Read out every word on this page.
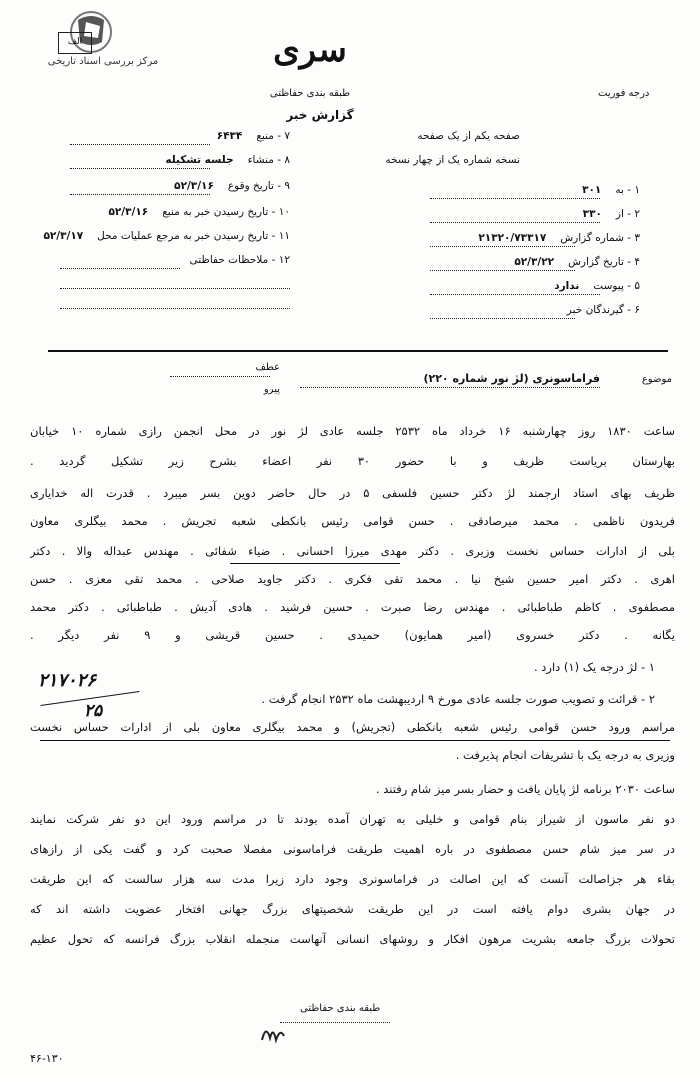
مرکز بررسی اسناد تاریخی
الف	سری
طبقه بندی حفاظتی
گزارش خبر
درجه فوریت
صفحه یکم از یک صفحه
نسخه شماره یک از چهار نسخه
۱ - به۳۰۱
۲ - از۳۳۰
۳ - شماره گزارش۲۱۳۲۰/۷۳۳۱۷
۴ - تاریخ گزارش۵۲/۳/۲۲
۵ - پیوستندارد
۶ - گیرندگان خبر
۷ - منبع۶۴۳۴
۸ - منشاءجلسه تشکیله
۹ - تاریخ وقوع۵۲/۳/۱۶
۱۰ - تاریخ رسیدن خبر به منبع۵۲/۳/۱۶
۱۱ - تاریخ رسیدن خبر به مرجع عملیات محل۵۲/۳/۱۷
۱۲ - ملاحظات حفاظتی
موضوع
فراماسونری (لژ نور شماره ۲۲۰)
عطف
پیرو
ساعت ۱۸۳۰ روز چهارشنبه ۱۶ خرداد ماه ۲۵۳۲ جلسه عادی لژ نور در محل انجمن رازی شماره ۱۰ خیابان
بهارستان بریاست ظریف و با حضور ۳۰ نفر اعضاء بشرح زیر تشکیل گردید .
ظریف بهای استاد ارجمند لژ دکتر حسین فلسفی ۵ در حال حاضر دوین بسر میبرد . قدرت اله خدایاری
فریدون ناظمی . محمد میرصادقی . حسن قوامی رئیس بانکطی شعبه تجریش . محمد بیگلری معاون
بلی از ادارات حساس نخست وزیری . دکتر مهدی میرزا احسانی . ضیاء شفائی . مهندس عبداله والا . دکتر
اهری . دکتر امیر حسین شیخ نیا . محمد تقی فکری . دکتر جاوید صلاحی . محمد تقی معزی . حسن
مصطفوی . کاظم طباطبائی . مهندس رضا صبرت . حسین فرشید . هادی آدیش . طباطبائی . دکتر محمد
یگانه . دکتر خسروی (امیر همایون) حمیدی . حسین قریشی و ۹ نفر دیگر .
۱ - لژ درجه یک (۱) دارد .
۲ - قرائت و تصویب صورت جلسه عادی مورخ ۹ اردیبهشت ماه ۲۵۳۲ انجام گرفت .
مراسم ورود حسن قوامی رئیس شعبه بانکطی (تجریش) و محمد بیگلری معاون بلی از ادارات حساس نخست
وزیری به درجه یک با تشریفات انجام پذیرفت .
ساعت ۲۰۳۰ برنامه لژ پایان یافت و حضار بسر میز شام رفتند .
دو نفر ماسون از شیراز بنام قوامی و خلیلی به تهران آمده بودند تا در مراسم ورود این دو نفر شرکت نمایند
در سر میز شام حسن مصطفوی در باره اهمیت طریقت فراماسونی مفصلا صحبت کرد و گفت یکی از رازهای
بقاء هر جزاصالت آنست که این اصالت در فراماسونری وجود دارد زیرا مدت سه هزار سالست که این طریقت
در جهان بشری دوام یافته است در این طریقت شخصیتهای بزرگ جهانی افتخار عضویت داشته اند که
تحولات بزرگ جامعه بشریت مرهون افکار و روشهای انسانی آنهاست منجمله انقلاب بزرگ فرانسه که تحول عظیم
۲۱۷۰۲۶
۲۵
طبقه بندی حفاظتی
۴۶-۱۳۰
